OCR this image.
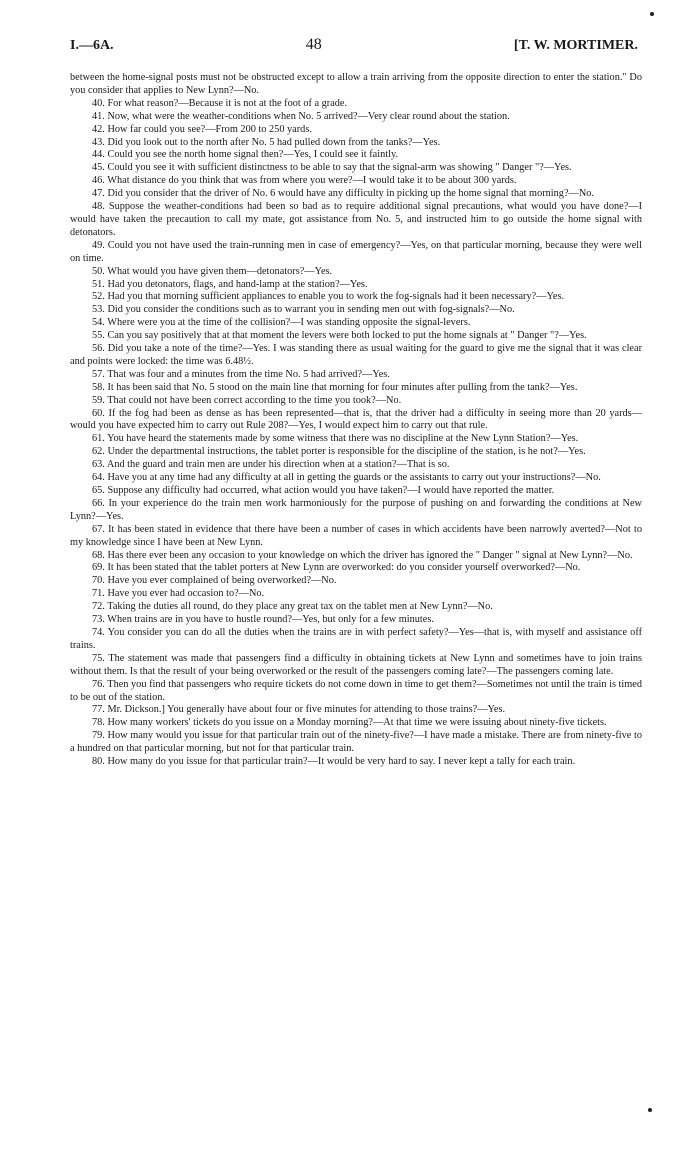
I.—6A.	48	[T. W. MORTIMER.

between the home-signal posts must not be obstructed except to allow a train arriving from the opposite direction to enter the station." Do you consider that applies to New Lynn?—No.

40. For what reason?—Because it is not at the foot of a grade.

41. Now, what were the weather-conditions when No. 5 arrived?—Very clear round about the station.

42. How far could you see?—From 200 to 250 yards.

43. Did you look out to the north after No. 5 had pulled down from the tanks?—Yes.

44. Could you see the north home signal then?—Yes, I could see it faintly.

45. Could you see it with sufficient distinctness to be able to say that the signal-arm was showing " Danger "?—Yes.

46. What distance do you think that was from where you were?—I would take it to be about 300 yards.

47. Did you consider that the driver of No. 6 would have any difficulty in picking up the home signal that morning?—No.

48. Suppose the weather-conditions had been so bad as to require additional signal precautions, what would you have done?—I would have taken the precaution to call my mate, got assistance from No. 5, and instructed him to go outside the home signal with detonators.

49. Could you not have used the train-running men in case of emergency?—Yes, on that particular morning, because they were well on time.

50. What would you have given them—detonators?—Yes.

51. Had you detonators, flags, and hand-lamp at the station?—Yes.

52. Had you that morning sufficient appliances to enable you to work the fog-signals had it been necessary?—Yes.

53. Did you consider the conditions such as to warrant you in sending men out with fog-signals?—No.

54. Where were you at the time of the collision?—I was standing opposite the signal-levers.

55. Can you say positively that at that moment the levers were both locked to put the home signals at " Danger "?—Yes.

56. Did you take a note of the time?—Yes. I was standing there as usual waiting for the guard to give me the signal that it was clear and points were locked: the time was 6.48½.

57. That was four and a minutes from the time No. 5 had arrived?—Yes.

58. It has been said that No. 5 stood on the main line that morning for four minutes after pulling from the tank?—Yes.

59. That could not have been correct according to the time you took?—No.

60. If the fog had been as dense as has been represented—that is, that the driver had a difficulty in seeing more than 20 yards—would you have expected him to carry out Rule 208?—Yes, I would expect him to carry out that rule.

61. You have heard the statements made by some witness that there was no discipline at the New Lynn Station?—Yes.

62. Under the departmental instructions, the tablet porter is responsible for the discipline of the station, is he not?—Yes.

63. And the guard and train men are under his direction when at a station?—That is so.

64. Have you at any time had any difficulty at all in getting the guards or the assistants to carry out your instructions?—No.

65. Suppose any difficulty had occurred, what action would you have taken?—I would have reported the matter.

66. In your experience do the train men work harmoniously for the purpose of pushing on and forwarding the conditions at New Lynn?—Yes.

67. It has been stated in evidence that there have been a number of cases in which accidents have been narrowly averted?—Not to my knowledge since I have been at New Lynn.

68. Has there ever been any occasion to your knowledge on which the driver has ignored the " Danger " signal at New Lynn?—No.

69. It has been stated that the tablet porters at New Lynn are overworked: do you consider yourself overworked?—No.

70. Have you ever complained of being overworked?—No.

71. Have you ever had occasion to?—No.

72. Taking the duties all round, do they place any great tax on the tablet men at New Lynn?—No.

73. When trains are in you have to hustle round?—Yes, but only for a few minutes.

74. You consider you can do all the duties when the trains are in with perfect safety?—Yes—that is, with myself and assistance off trains.

75. The statement was made that passengers find a difficulty in obtaining tickets at New Lynn and sometimes have to join trains without them. Is that the result of your being overworked or the result of the passengers coming late?—The passengers coming late.

76. Then you find that passengers who require tickets do not come down in time to get them?—Sometimes not until the train is timed to be out of the station.

77. Mr. Dickson.] You generally have about four or five minutes for attending to those trains?—Yes.

78. How many workers' tickets do you issue on a Monday morning?—At that time we were issuing about ninety-five tickets.

79. How many would you issue for that particular train out of the ninety-five?—I have made a mistake. There are from ninety-five to a hundred on that particular morning, but not for that particular train.

80. How many do you issue for that particular train?—It would be very hard to say. I never kept a tally for each train.
